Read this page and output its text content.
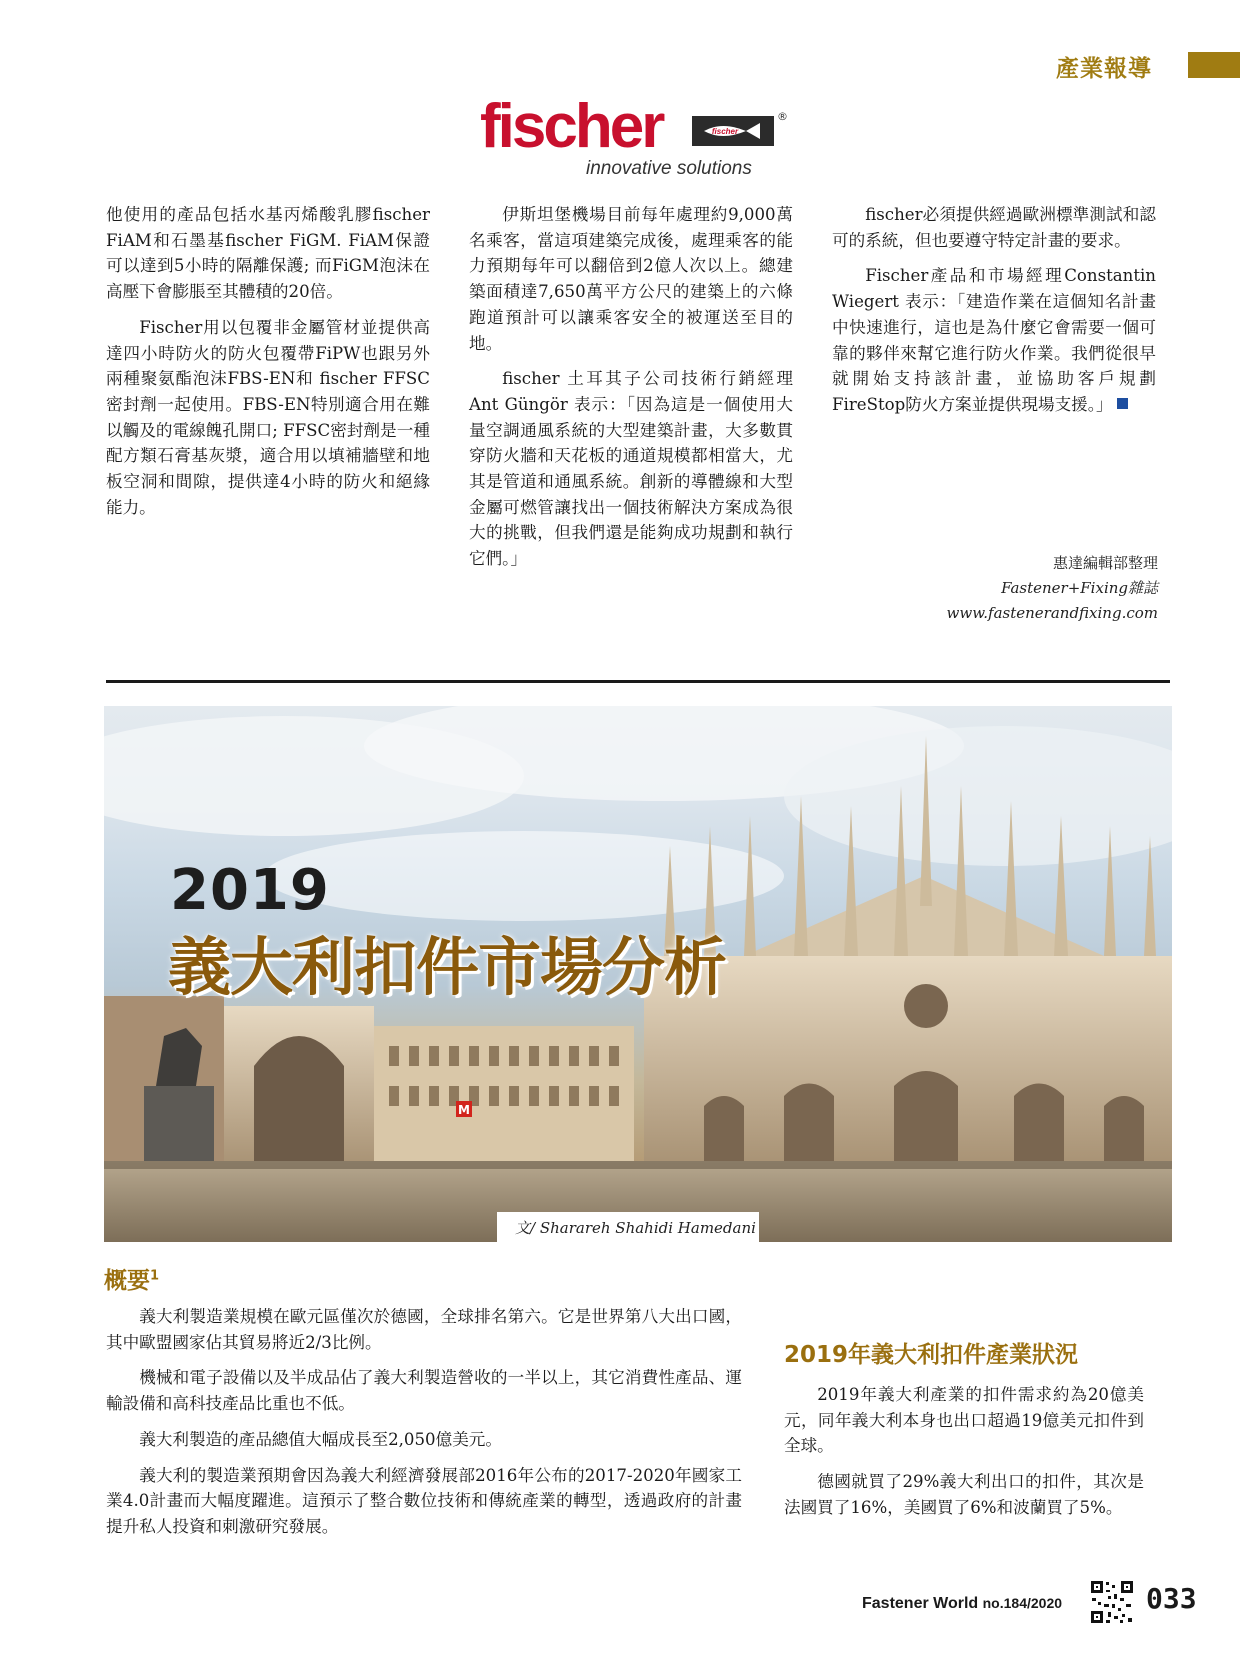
產業報導
fischer	fischer
®
innovative solutions

他使用的產品包括水基丙烯酸乳膠fischer FiAM和石墨基fischer FiGM. FiAM保證可以達到5小時的隔離保護; 而FiGM泡沫在高壓下會膨脹至其體積的20倍。

Fischer用以包覆非金屬管材並提供高達四小時防火的防火包覆帶FiPW也跟另外兩種聚氨酯泡沫FBS-EN和 fischer FFSC密封劑一起使用。FBS-EN特別適合用在難以觸及的電線餽孔開口; FFSC密封劑是一種配方類石膏基灰漿，適合用以填補牆壁和地板空洞和間隙，提供達4小時的防火和絕緣能力。

伊斯坦堡機場目前每年處理約9,000萬名乘客，當這項建築完成後，處理乘客的能力預期每年可以翻倍到2億人次以上。總建築面積達7,650萬平方公尺的建築上的六條跑道預計可以讓乘客安全的被運送至目的地。

fischer 土耳其子公司技術行銷經理Ant Güngör 表示：「因為這是一個使用大量空調通風系統的大型建築計畫，大多數貫穿防火牆和天花板的通道規模都相當大，尤其是管道和通風系統。創新的導體線和大型金屬可燃管讓找出一個技術解決方案成為很大的挑戰，但我們還是能夠成功規劃和執行它們。」

fischer必須提供經過歐洲標準測試和認可的系統，但也要遵守特定計畫的要求。

Fischer產品和市場經理Constantin Wiegert 表示：「建造作業在這個知名計畫中快速進行，這也是為什麼它會需要一個可靠的夥伴來幫它進行防火作業。我們從很早就開始支持該計畫，並協助客戶規劃FireStop防火方案並提供現場支援。」

惠達編輯部整理
Fastener+Fixing雜誌
www.fastenerandfixing.com
M
2019
義大利扣件市場分析
文/ Sharareh Shahidi Hamedani
概要$^1$

義大利製造業規模在歐元區僅次於德國，全球排名第六。它是世界第八大出口國，其中歐盟國家佔其貿易將近2/3比例。

機械和電子設備以及半成品佔了義大利製造營收的一半以上，其它消費性產品、運輸設備和高科技產品比重也不低。

義大利製造的產品總值大幅成長至2,050億美元。

義大利的製造業預期會因為義大利經濟發展部2016年公布的2017-2020年國家工業4.0計畫而大幅度躍進。這預示了整合數位技術和傳統產業的轉型，透過政府的計畫提升私人投資和刺激研究發展。

2019年義大利扣件產業狀況

2019年義大利產業的扣件需求約為20億美元，同年義大利本身也出口超過19億美元扣件到全球。

德國就買了29%義大利出口的扣件，其次是法國買了16%，美國買了6%和波蘭買了5%。

Fastener World no.184/2020	033
